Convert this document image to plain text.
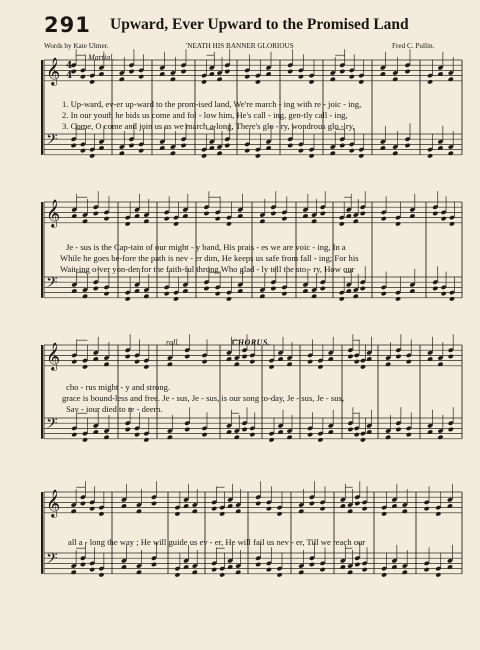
291 Upward, Ever Upward to the Promised Land
Words by Kate Ulmer.	'NEATH HIS BANNER GLORIOUS	Fred C. Pullin.
Martial.
rall.	CHORUS.
𝄞
𝄢
𝄞
𝄢
𝄞
𝄢
𝄞
𝄢
4
4
1. Up-ward, ev-er up-ward to the prom-ised land, We're march - ing with re - joic - ing,
2. In our youth he bids us come and fol - low him, He's call - ing, gen-tly call - ing,
3. Come, O come and join us as we march a-long, There's glo - ry, wondrous glo - ry,
Je - sus is the Cap-tain of our might - y band, His prais - es we are voic - ing, In a
While he goes be-fore the path is nev - er dim, He keeps us safe from fall - ing; For his
Wait-ing o-ver yon-der for the faith-ful throng Who glad - ly tell the sto - ry, How our
cho - rus might - y and strong.
grace is bound-less and free. Je - sus, Je - sus, is our song to-day, Je - sus, Je - sus,
Sav - iour died to re - deem.
all a - long the way ; He will guide us ev - er, He will fail us nev - er, Till we reach our
